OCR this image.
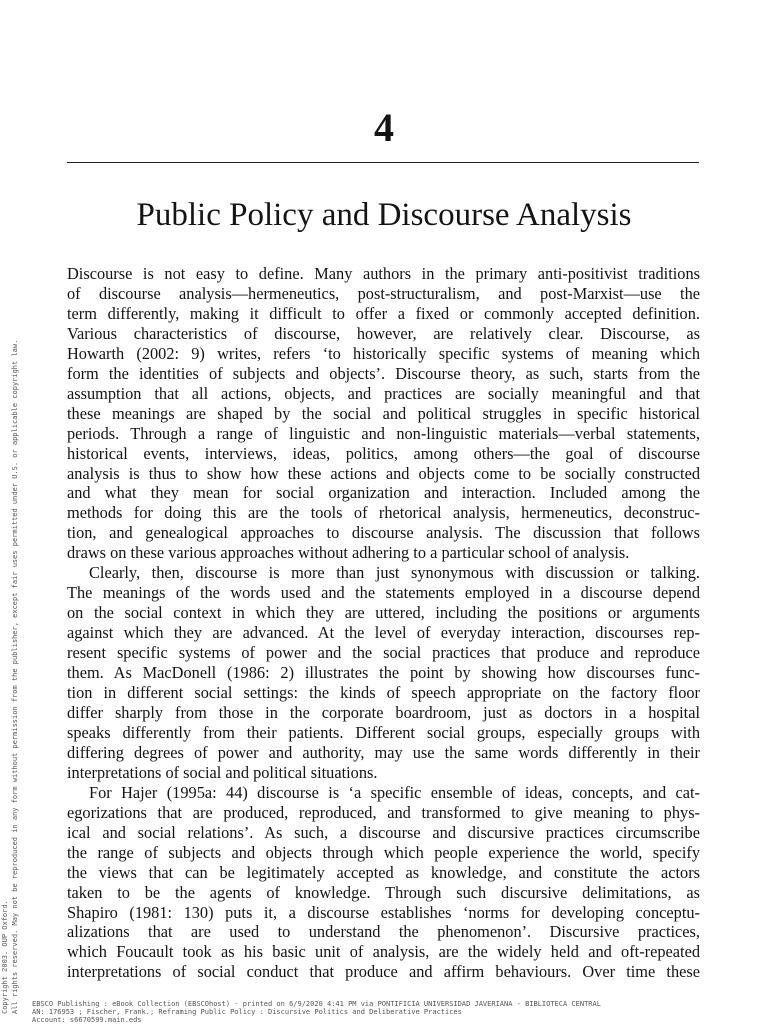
4
Public Policy and Discourse Analysis

Discourse is not easy to define. Many authors in the primary anti-positivist traditions

of discourse analysis—hermeneutics, post-structuralism, and post-Marxist—use the

term differently, making it difficult to offer a fixed or commonly accepted definition.

Various characteristics of discourse, however, are relatively clear. Discourse, as

Howarth (2002: 9) writes, refers ‘to historically specific systems of meaning which

form the identities of subjects and objects’. Discourse theory, as such, starts from the

assumption that all actions, objects, and practices are socially meaningful and that

these meanings are shaped by the social and political struggles in specific historical

periods. Through a range of linguistic and non-linguistic materials—verbal statements,

historical events, interviews, ideas, politics, among others—the goal of discourse

analysis is thus to show how these actions and objects come to be socially constructed

and what they mean for social organization and interaction. Included among the

methods for doing this are the tools of rhetorical analysis, hermeneutics, deconstruc-

tion, and genealogical approaches to discourse analysis. The discussion that follows

draws on these various approaches without adhering to a particular school of analysis.

Clearly, then, discourse is more than just synonymous with discussion or talking.

The meanings of the words used and the statements employed in a discourse depend

on the social context in which they are uttered, including the positions or arguments

against which they are advanced. At the level of everyday interaction, discourses rep-

resent specific systems of power and the social practices that produce and reproduce

them. As MacDonell (1986: 2) illustrates the point by showing how discourses func-

tion in different social settings: the kinds of speech appropriate on the factory floor

differ sharply from those in the corporate boardroom, just as doctors in a hospital

speaks differently from their patients. Different social groups, especially groups with

differing degrees of power and authority, may use the same words differently in their

interpretations of social and political situations.

For Hajer (1995a: 44) discourse is ‘a specific ensemble of ideas, concepts, and cat-

egorizations that are produced, reproduced, and transformed to give meaning to phys-

ical and social relations’. As such, a discourse and discursive practices circumscribe

the range of subjects and objects through which people experience the world, specify

the views that can be legitimately accepted as knowledge, and constitute the actors

taken to be the agents of knowledge. Through such discursive delimitations, as

Shapiro (1981: 130) puts it, a discourse establishes ‘norms for developing conceptu-

alizations that are used to understand the phenomenon’. Discursive practices,

which Foucault took as his basic unit of analysis, are the widely held and oft-repeated

interpretations of social conduct that produce and affirm behaviours. Over time these

Copyright 2003. OUP Oxford. All rights reserved. May not be reproduced in any form without permission from the publisher, except fair uses permitted under U.S. or applicable copyright law. EBSCO Publishing : eBook Collection (EBSCOhost) - printed on 6/9/2020 4:41 PM via PONTIFICIA UNIVERSIDAD JAVERIANA - BIBLIOTECA CENTRAL
AN: 176953 ; Fischer, Frank.; Reframing Public Policy : Discursive Politics and Deliberative Practices
Account: s6670599.main.eds
